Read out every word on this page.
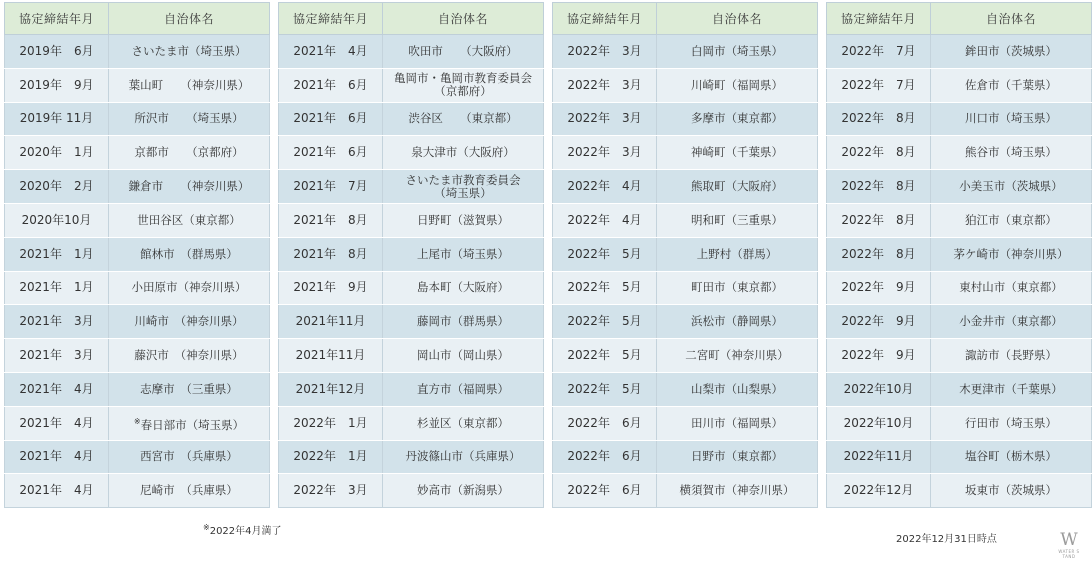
協定締結年月	自治体名
2019年　6月	さいたま市（埼玉県）
2019年　9月	葉山町　　（神奈川県）
2019年 11月	所沢市　　（埼玉県）
2020年　1月	京都市　　（京都府）
2020年　2月	鎌倉市　　（神奈川県）
2020年10月	世田谷区（東京都）
2021年　1月	館林市　（群馬県）
2021年　1月	小田原市（神奈川県）
2021年　3月	川崎市　（神奈川県）
2021年　3月	藤沢市　（神奈川県）
2021年　4月	志摩市　（三重県）
2021年　4月	※春日部市（埼玉県）
2021年　4月	西宮市　（兵庫県）
2021年　4月	尼崎市　（兵庫県）
協定締結年月	自治体名
2021年　4月	吹田市　　（大阪府）
2021年　6月	亀岡市・亀岡市教育委員会
（京都府）
2021年　6月	渋谷区　　（東京都）
2021年　6月	泉大津市（大阪府）
2021年　7月	さいたま市教育委員会
（埼玉県）
2021年　8月	日野町（滋賀県）
2021年　8月	上尾市（埼玉県）
2021年　9月	島本町（大阪府）
2021年11月	藤岡市（群馬県）
2021年11月	岡山市（岡山県）
2021年12月	直方市（福岡県）
2022年　1月	杉並区（東京都）
2022年　1月	丹波篠山市（兵庫県）
2022年　3月	妙高市（新潟県）
協定締結年月	自治体名
2022年　3月	白岡市（埼玉県）
2022年　3月	川崎町（福岡県）
2022年　3月	多摩市（東京都）
2022年　3月	神崎町（千葉県）
2022年　4月	熊取町（大阪府）
2022年　4月	明和町（三重県）
2022年　5月	上野村（群馬）
2022年　5月	町田市（東京都）
2022年　5月	浜松市（静岡県）
2022年　5月	二宮町（神奈川県）
2022年　5月	山梨市（山梨県）
2022年　6月	田川市（福岡県）
2022年　6月	日野市（東京都）
2022年　6月	横須賀市（神奈川県）
協定締結年月	自治体名
2022年　7月	鉾田市（茨城県）
2022年　7月	佐倉市（千葉県）
2022年　8月	川口市（埼玉県）
2022年　8月	熊谷市（埼玉県）
2022年　8月	小美玉市（茨城県）
2022年　8月	狛江市（東京都）
2022年　8月	茅ケ崎市（神奈川県）
2022年　9月	東村山市（東京都）
2022年　9月	小金井市（東京都）
2022年　9月	諏訪市（長野県）
2022年10月	木更津市（千葉県）
2022年10月	行田市（埼玉県）
2022年11月	塩谷町（栃木県）
2022年12月	坂東市（茨城県）
※2022年4月満了
2022年12月31日時点	W
WATER STAND
